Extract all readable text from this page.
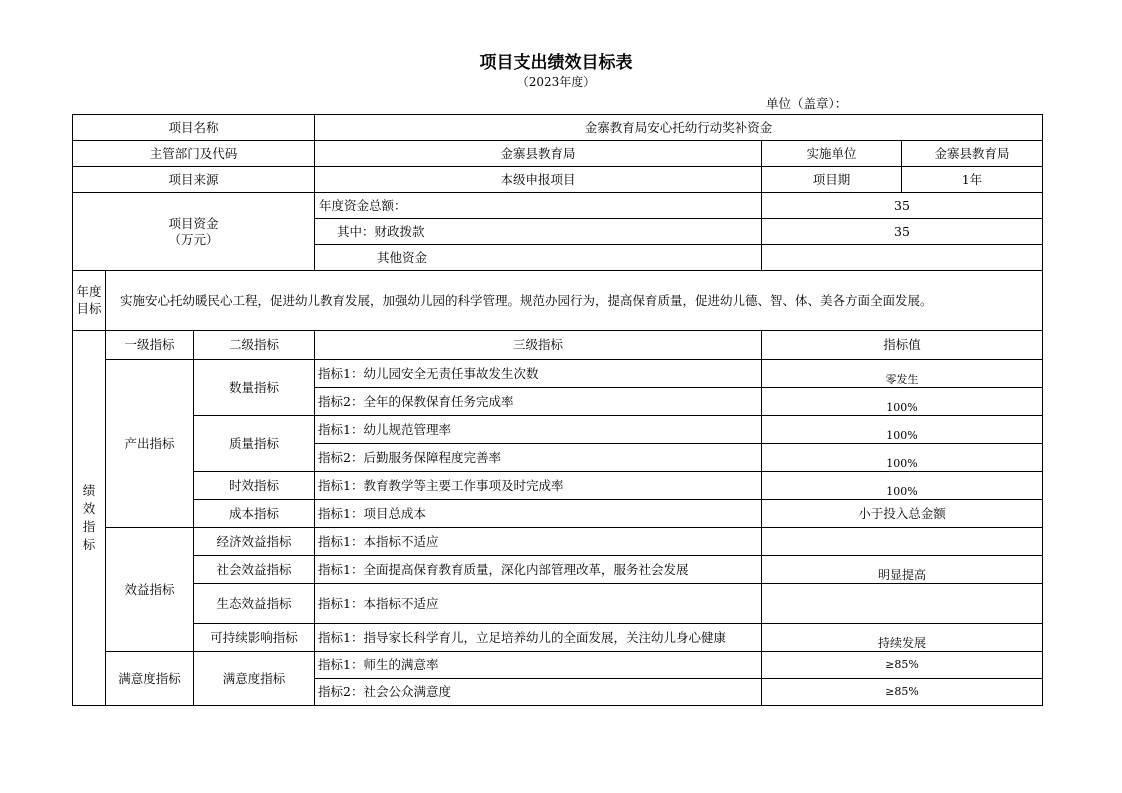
项目支出绩效目标表
（2023年度）
单位（盖章）：
项目名称			金寨教育局安心托幼行动奖补资金		
主管部门及代码			金寨县教育局	实施单位	金寨县教育局
项目来源			本级申报项目	项目期	1年

项目资金
（万元）			年度资金总额：	35	
			其中：财政拨款	35	
			其他资金		

年度目标	实施安心托幼暖民心工程，促进幼儿教育发展，加强幼儿园的科学管理。规范办园行为，提高保育质量，促进幼儿德、智、体、美各方面全面发展。				

绩效指标	一级指标	二级指标	三级指标	指标值	
	产出指标	数量指标	指标1：幼儿园安全无责任事故发生次数	零发生	
			指标2：全年的保教保育任务完成率	100%	
		质量指标	指标1：幼儿规范管理率	100%	
			指标2：后勤服务保障程度完善率	100%	
		时效指标	指标1：教育教学等主要工作事项及时完成率	100%	
		成本指标	指标1：项目总成本	小于投入总金额	
	效益指标	经济效益指标	指标1：本指标不适应		
		社会效益指标	指标1：全面提高保育教育质量，深化内部管理改革，服务社会发展	明显提高	
		生态效益指标	指标1：本指标不适应		
		可持续影响指标	指标1：指导家长科学育儿，立足培养幼儿的全面发展，关注幼儿身心健康	持续发展	
	满意度指标	满意度指标	指标1：师生的满意率	≥85%	
			指标2：社会公众满意度	≥85%	
